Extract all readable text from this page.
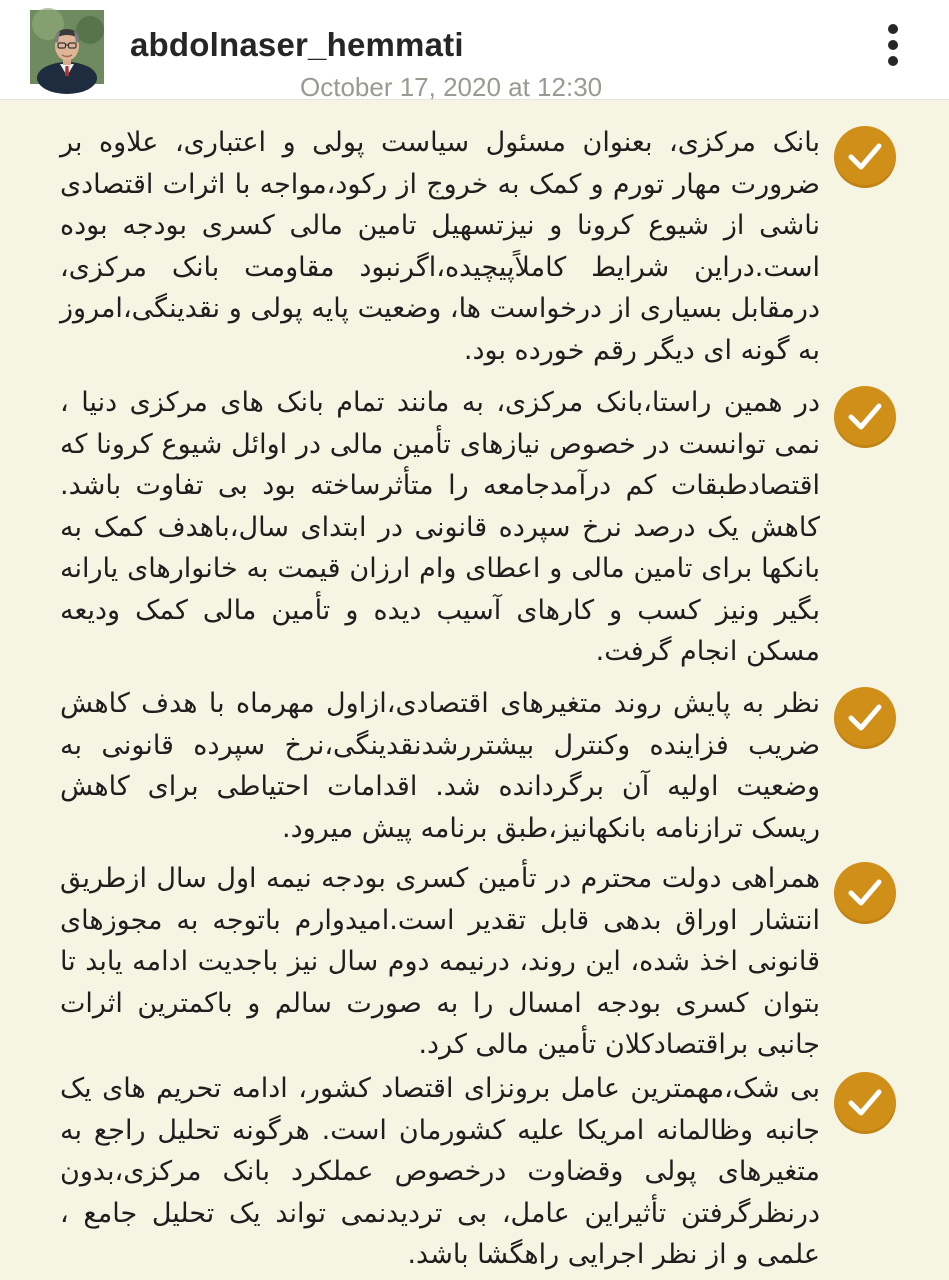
abdolnaser_hemmati
October 17, 2020 at 12:30

بانک مرکزی، بعنوان مسئول سیاست پولی و اعتباری، علاوه بر ضرورت مهار تورم و کمک به خروج از رکود،مواجه با اثرات اقتصادی ناشی از شیوع کرونا و نیزتسهیل تامین مالی کسری بودجه بوده است.دراین شرایط کاملاًپیچیده،اگرنبود مقاومت بانک مرکزی، درمقابل بسیاری از درخواست ها، وضعیت پایه پولی و نقدینگی،امروز به گونه ای دیگر رقم خورده بود.

در همین راستا،بانک مرکزی، به مانند تمام بانک های مرکزی دنیا ، نمی توانست در خصوص نیازهای تأمین مالی در اوائل شیوع کرونا که اقتصادطبقات کم درآمدجامعه را متأثرساخته بود بی تفاوت باشد. کاهش یک درصد نرخ سپرده قانونی در ابتدای سال،باهدف کمک به بانکها برای تامین مالی و اعطای وام ارزان قیمت به خانوارهای یارانه بگیر ونیز کسب و کارهای آسیب دیده و تأمین مالی کمک ودیعه مسکن انجام گرفت.

نظر به پایش روند متغیرهای اقتصادی،ازاول مهرماه با هدف کاهش ضریب فزاینده وکنترل بیشتررشدنقدینگی،نرخ سپرده قانونی به وضعیت اولیه آن برگردانده شد. اقدامات احتیاطی برای کاهش ریسک ترازنامه بانکهانیز،طبق برنامه پیش میرود.

همراهی دولت محترم در تأمین کسری بودجه نیمه اول سال ازطریق انتشار اوراق بدهی قابل تقدیر است.امیدوارم باتوجه به مجوزهای قانونی اخذ شده، این روند، درنیمه دوم سال نیز باجدیت ادامه یابد تا بتوان کسری بودجه امسال را به صورت سالم و باکمترین اثرات جانبی براقتصادکلان تأمین مالی کرد.

بی شک،مهمترین عامل برونزای اقتصاد کشور، ادامه تحریم های یک جانبه وظالمانه امریکا علیه کشورمان است. هرگونه تحلیل راجع به متغیرهای پولی وقضاوت درخصوص عملکرد بانک مرکزی،بدون درنظرگرفتن تأثیراین عامل، بی تردیدنمی تواند یک تحلیل جامع ، علمی و از نظر اجرایی راهگشا باشد.
